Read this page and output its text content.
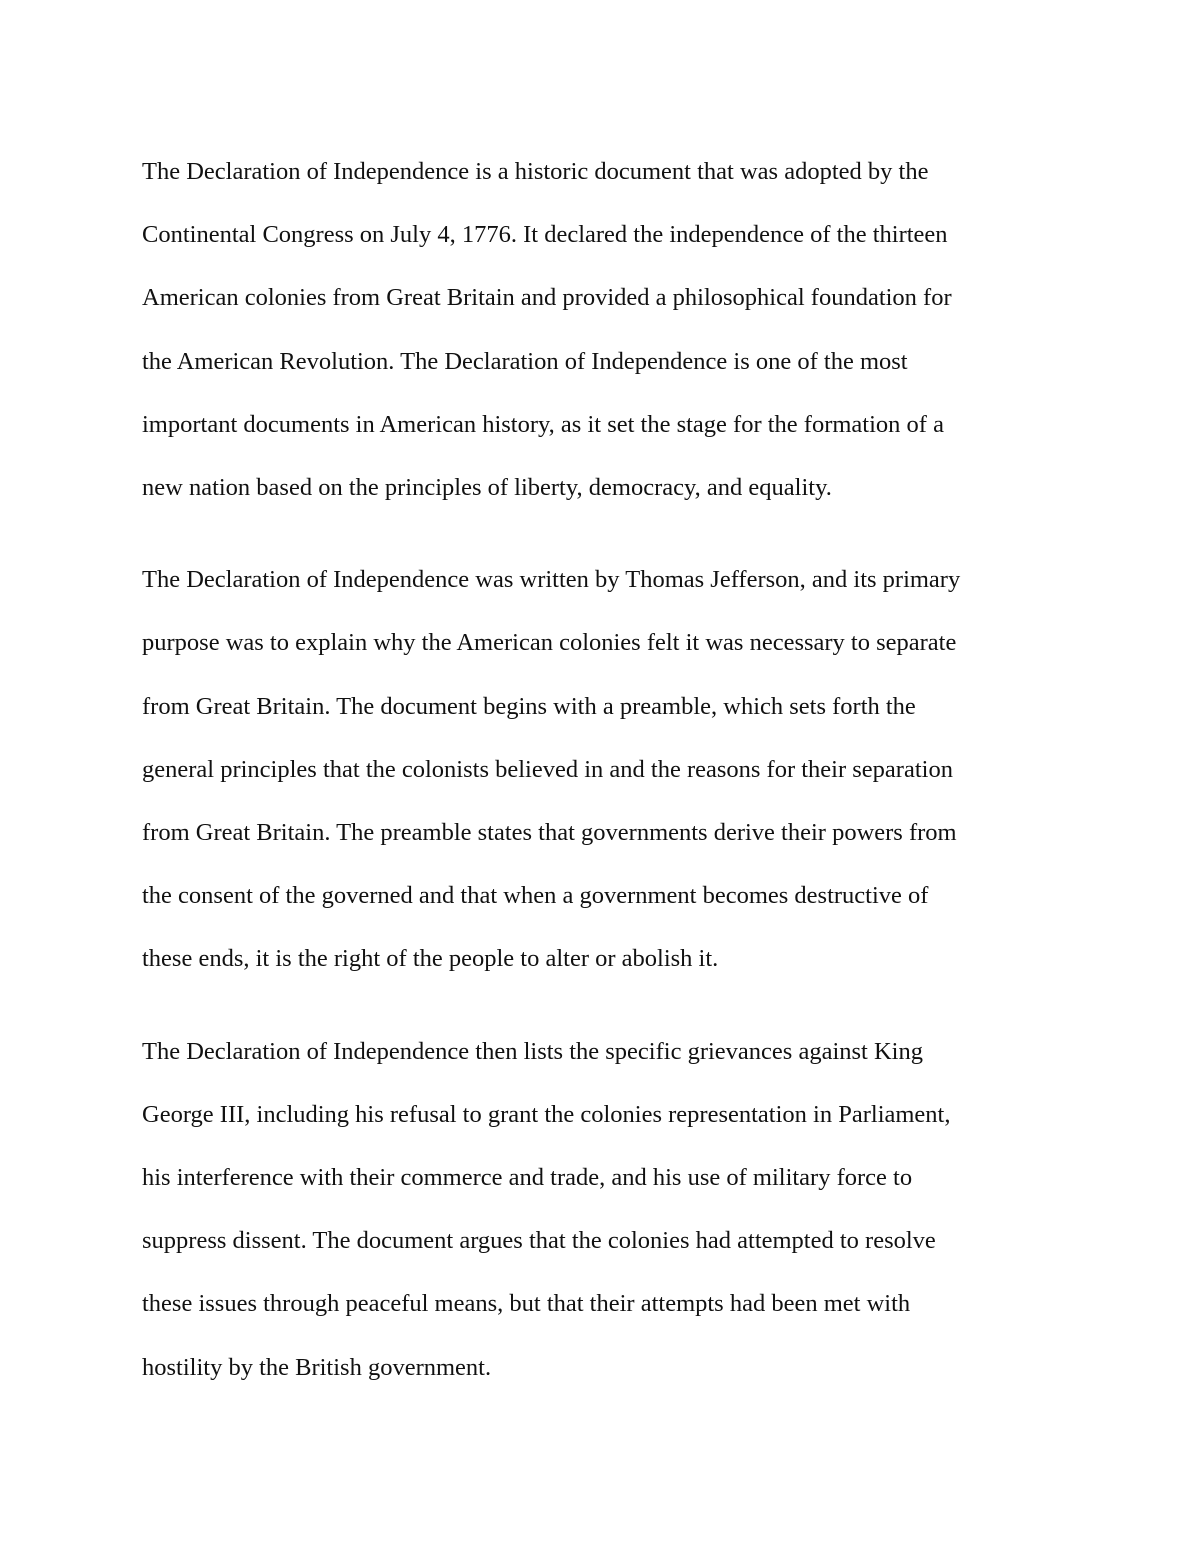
The Declaration of Independence is a historic document that was adopted by the
Continental Congress on July 4, 1776. It declared the independence of the thirteen
American colonies from Great Britain and provided a philosophical foundation for
the American Revolution. The Declaration of Independence is one of the most
important documents in American history, as it set the stage for the formation of a
new nation based on the principles of liberty, democracy, and equality.
The Declaration of Independence was written by Thomas Jefferson, and its primary
purpose was to explain why the American colonies felt it was necessary to separate
from Great Britain. The document begins with a preamble, which sets forth the
general principles that the colonists believed in and the reasons for their separation
from Great Britain. The preamble states that governments derive their powers from
the consent of the governed and that when a government becomes destructive of
these ends, it is the right of the people to alter or abolish it.
The Declaration of Independence then lists the specific grievances against King
George III, including his refusal to grant the colonies representation in Parliament,
his interference with their commerce and trade, and his use of military force to
suppress dissent. The document argues that the colonies had attempted to resolve
these issues through peaceful means, but that their attempts had been met with
hostility by the British government.
